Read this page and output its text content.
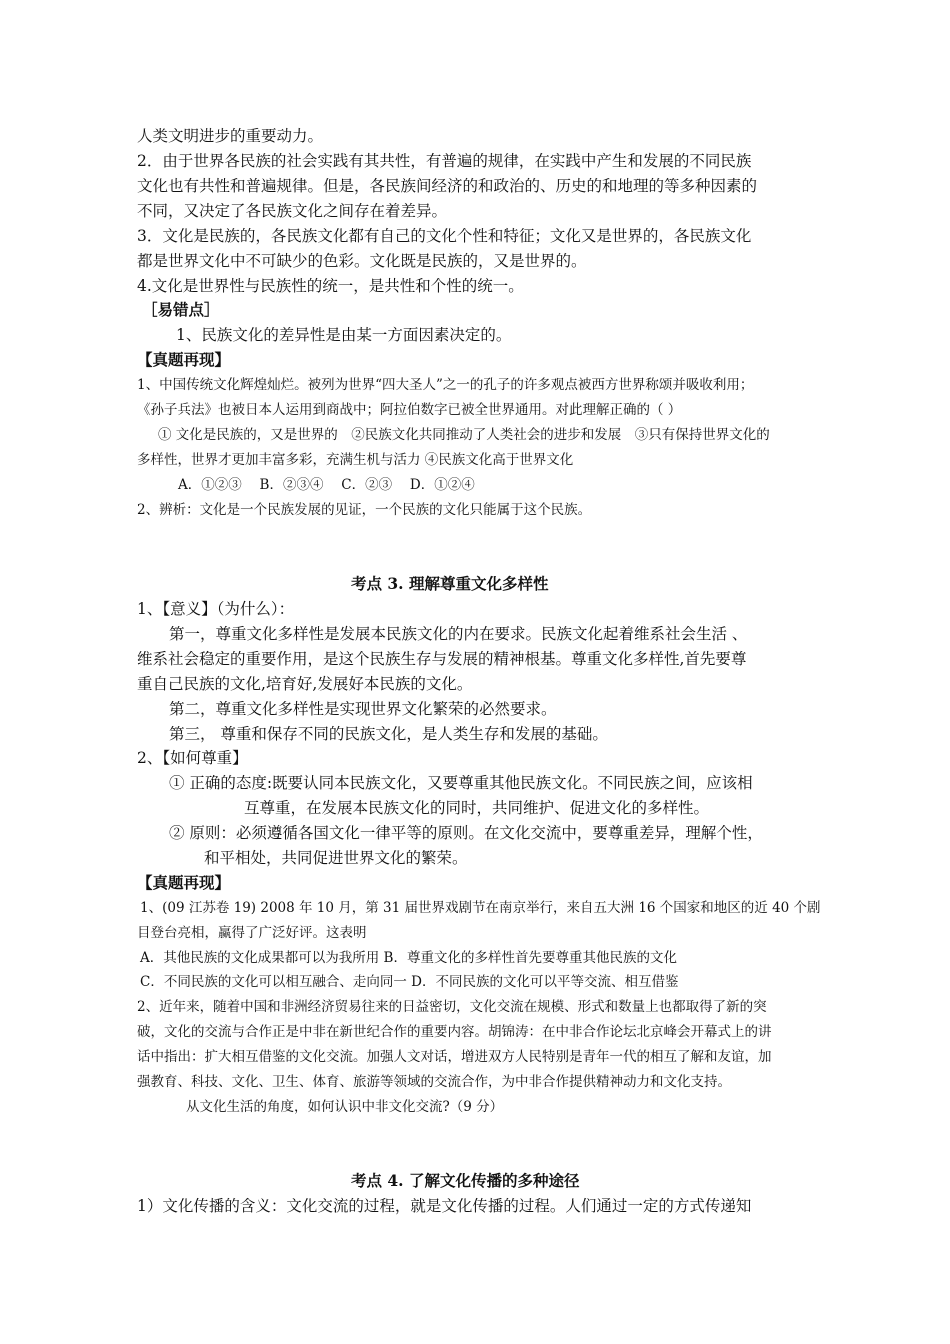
人类文明进步的重要动力。
2．由于世界各民族的社会实践有其共性，有普遍的规律，在实践中产生和发展的不同民族
文化也有共性和普遍规律。但是，各民族间经济的和政治的、历史的和地理的等多种因素的
不同，又决定了各民族文化之间存在着差异。
3．文化是民族的，各民族文化都有自己的文化个性和特征；文化又是世界的，各民族文化
都是世界文化中不可缺少的色彩。文化既是民族的，又是世界的。
4.文化是世界性与民族性的统一，是共性和个性的统一。
［易错点］
1、民族文化的差异性是由某一方面因素决定的。
【真题再现】
1、中国传统文化辉煌灿烂。被列为世界“四大圣人”之一的孔子的许多观点被西方世界称颂并吸收利用；
《孙子兵法》也被日本人运用到商战中；阿拉伯数字已被全世界通用。对此理解正确的（ ）
① 文化是民族的，又是世界的　②民族文化共同推动了人类社会的进步和发展　③只有保持世界文化的
多样性，世界才更加丰富多彩，充满生机与活力 ④民族文化高于世界文化
A．①②③　 B．②③④　 C．②③　 D．①②④
2、辨析：文化是一个民族发展的见证，一个民族的文化只能属于这个民族。
考点 3. 理解尊重文化多样性
1、【意义】（为什么）：
第一，尊重文化多样性是发展本民族文化的内在要求。民族文化起着维系社会生活 、
维系社会稳定的重要作用，是这个民族生存与发展的精神根基。尊重文化多样性,首先要尊
重自己民族的文化,培育好,发展好本民族的文化。
第二，尊重文化多样性是实现世界文化繁荣的必然要求。
第三， 尊重和保存不同的民族文化，是人类生存和发展的基础。
2、【如何尊重】
① 正确的态度:既要认同本民族文化，又要尊重其他民族文化。不同民族之间，应该相
互尊重，在发展本民族文化的同时，共同维护、促进文化的多样性。
② 原则：必须遵循各国文化一律平等的原则。在文化交流中，要尊重差异，理解个性，
和平相处，共同促进世界文化的繁荣。
【真题再现】
1、(09 江苏卷 19) 2008 年 10 月，第 31 届世界戏剧节在南京举行，来自五大洲 16 个国家和地区的近 40 个剧
目登台亮相，赢得了广泛好评。这表明
A．其他民族的文化成果都可以为我所用 B．尊重文化的多样性首先要尊重其他民族的文化
C．不同民族的文化可以相互融合、走向同一 D．不同民族的文化可以平等交流、相互借鉴
2、近年来，随着中国和非洲经济贸易往来的日益密切，文化交流在规模、形式和数量上也都取得了新的突
破，文化的交流与合作正是中非在新世纪合作的重要内容。胡锦涛：在中非合作论坛北京峰会开幕式上的讲
话中指出：扩大相互借鉴的文化交流。加强人文对话，增进双方人民特别是青年一代的相互了解和友谊，加
强教育、科技、文化、卫生、体育、旅游等领域的交流合作，为中非合作提供精神动力和文化支持。
从文化生活的角度，如何认识中非文化交流?（9 分）
考点 4. 了解文化传播的多种途径
1）文化传播的含义：文化交流的过程，就是文化传播的过程。人们通过一定的方式传递知
